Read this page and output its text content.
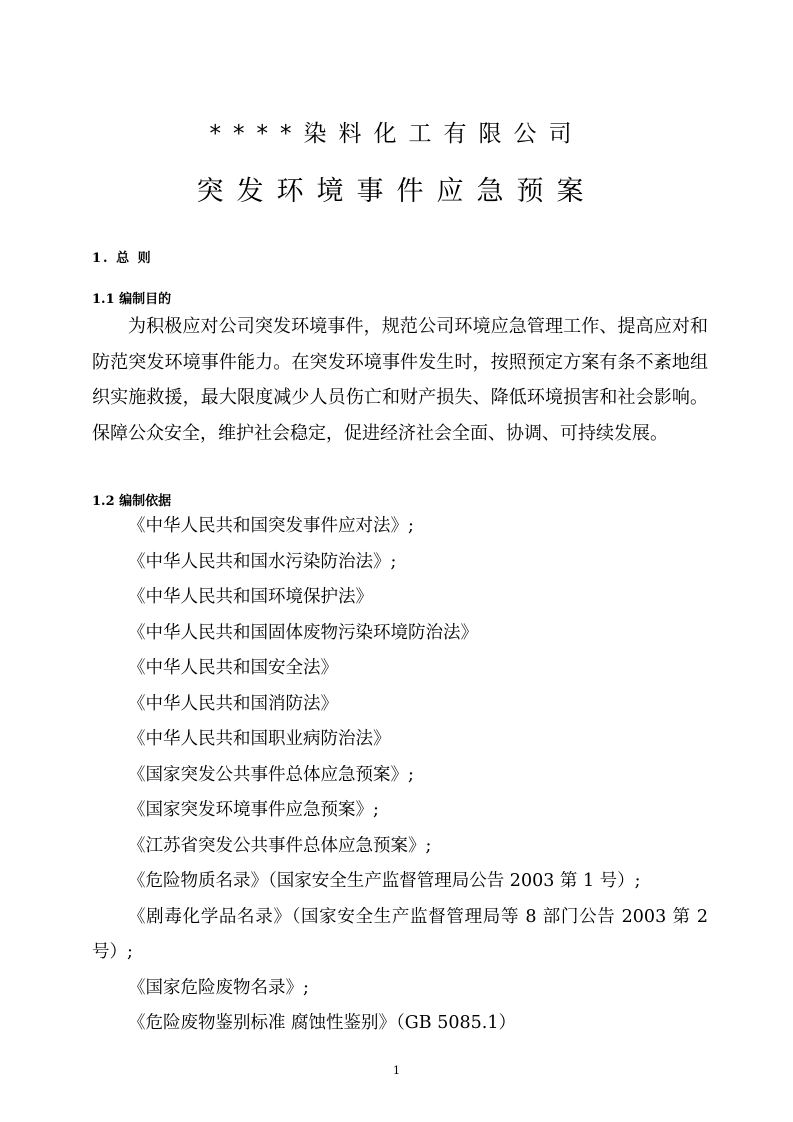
****染料化工有限公司
突发环境事件应急预案
1. 总 则
1.1 编制目的

为积极应对公司突发环境事件，规范公司环境应急管理工作、提高应对和防范突发环境事件能力。在突发环境事件发生时，按照预定方案有条不紊地组织实施救援，最大限度减少人员伤亡和财产损失、降低环境损害和社会影响。保障公众安全，维护社会稳定，促进经济社会全面、协调、可持续发展。

1.2 编制依据
《中华人民共和国突发事件应对法》;
《中华人民共和国水污染防治法》;
《中华人民共和国环境保护法》
《中华人民共和国固体废物污染环境防治法》
《中华人民共和国安全法》
《中华人民共和国消防法》
《中华人民共和国职业病防治法》
《国家突发公共事件总体应急预案》;
《国家突发环境事件应急预案》;
《江苏省突发公共事件总体应急预案》;
《危险物质名录》（国家安全生产监督管理局公告 2003 第 1 号）;
《剧毒化学品名录》（国家安全生产监督管理局等 8 部门公告 2003 第 2 号）;
《国家危险废物名录》;
《危险废物鉴别标准 腐蚀性鉴别》（GB 5085.1）
1
